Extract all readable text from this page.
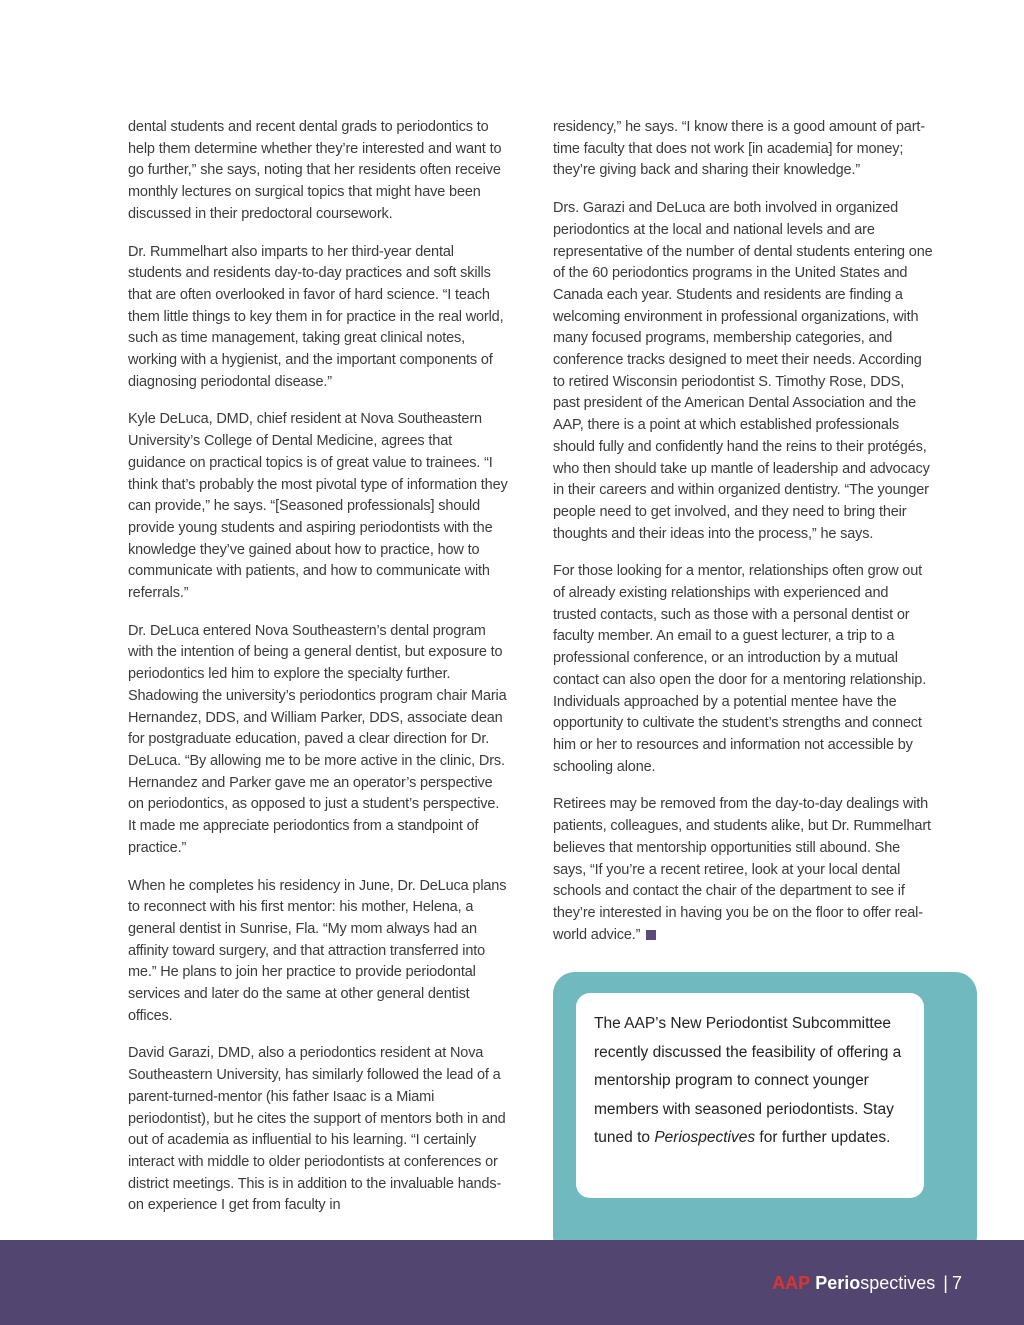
dental students and recent dental grads to periodontics to help them determine whether they’re interested and want to go further,” she says, noting that her residents often receive monthly lectures on surgical topics that might have been discussed in their predoctoral coursework.

Dr. Rummelhart also imparts to her third-year dental students and residents day-to-day practices and soft skills that are often overlooked in favor of hard science. “I teach them little things to key them in for practice in the real world, such as time management, taking great clinical notes, working with a hygienist, and the important components of diagnosing periodontal disease.”

Kyle DeLuca, DMD, chief resident at Nova Southeastern University’s College of Dental Medicine, agrees that guidance on practical topics is of great value to trainees. “I think that’s probably the most pivotal type of information they can provide,” he says. “[Seasoned professionals] should provide young students and aspiring periodontists with the knowledge they’ve gained about how to practice, how to communicate with patients, and how to communicate with referrals.”

Dr. DeLuca entered Nova Southeastern’s dental program with the intention of being a general dentist, but exposure to periodontics led him to explore the specialty further. Shadowing the university’s periodontics program chair Maria Hernandez, DDS, and William Parker, DDS, associate dean for postgraduate education, paved a clear direction for Dr. DeLuca. “By allowing me to be more active in the clinic, Drs. Hernandez and Parker gave me an operator’s perspective on periodontics, as opposed to just a student’s perspective. It made me appreciate periodontics from a standpoint of practice.”

When he completes his residency in June, Dr. DeLuca plans to reconnect with his first mentor: his mother, Helena, a general dentist in Sunrise, Fla. “My mom always had an affinity toward surgery, and that attraction transferred into me.” He plans to join her practice to provide periodontal services and later do the same at other general dentist offices.

David Garazi, DMD, also a periodontics resident at Nova Southeastern University, has similarly followed the lead of a parent-turned-mentor (his father Isaac is a Miami periodontist), but he cites the support of mentors both in and out of academia as influential to his learning. “I certainly interact with middle to older periodontists at conferences or district meetings. This is in addition to the invaluable hands-on experience I get from faculty in

residency,” he says. “I know there is a good amount of part-time faculty that does not work [in academia] for money; they’re giving back and sharing their knowledge.”

Drs. Garazi and DeLuca are both involved in organized periodontics at the local and national levels and are representative of the number of dental students entering one of the 60 periodontics programs in the United States and Canada each year. Students and residents are finding a welcoming environment in professional organizations, with many focused programs, membership categories, and conference tracks designed to meet their needs. According to retired Wisconsin periodontist S. Timothy Rose, DDS, past president of the American Dental Association and the AAP, there is a point at which established professionals should fully and confidently hand the reins to their protégés, who then should take up mantle of leadership and advocacy in their careers and within organized dentistry. “The younger people need to get involved, and they need to bring their thoughts and their ideas into the process,” he says.

For those looking for a mentor, relationships often grow out of already existing relationships with experienced and trusted contacts, such as those with a personal dentist or faculty member. An email to a guest lecturer, a trip to a professional conference, or an introduction by a mutual contact can also open the door for a mentoring relationship. Individuals approached by a potential mentee have the opportunity to cultivate the student’s strengths and connect him or her to resources and information not accessible by schooling alone.

Retirees may be removed from the day-to-day dealings with patients, colleagues, and students alike, but Dr. Rummelhart believes that mentorship opportunities still abound. She says, “If you’re a recent retiree, look at your local dental schools and contact the chair of the department to see if they’re interested in having you be on the floor to offer real-world advice.”

The AAP’s New Periodontist Subcommittee recently discussed the feasibility of offering a mentorship program to connect younger members with seasoned periodontists. Stay tuned to Periospectives for further updates.
AAP Periospectives | 7
